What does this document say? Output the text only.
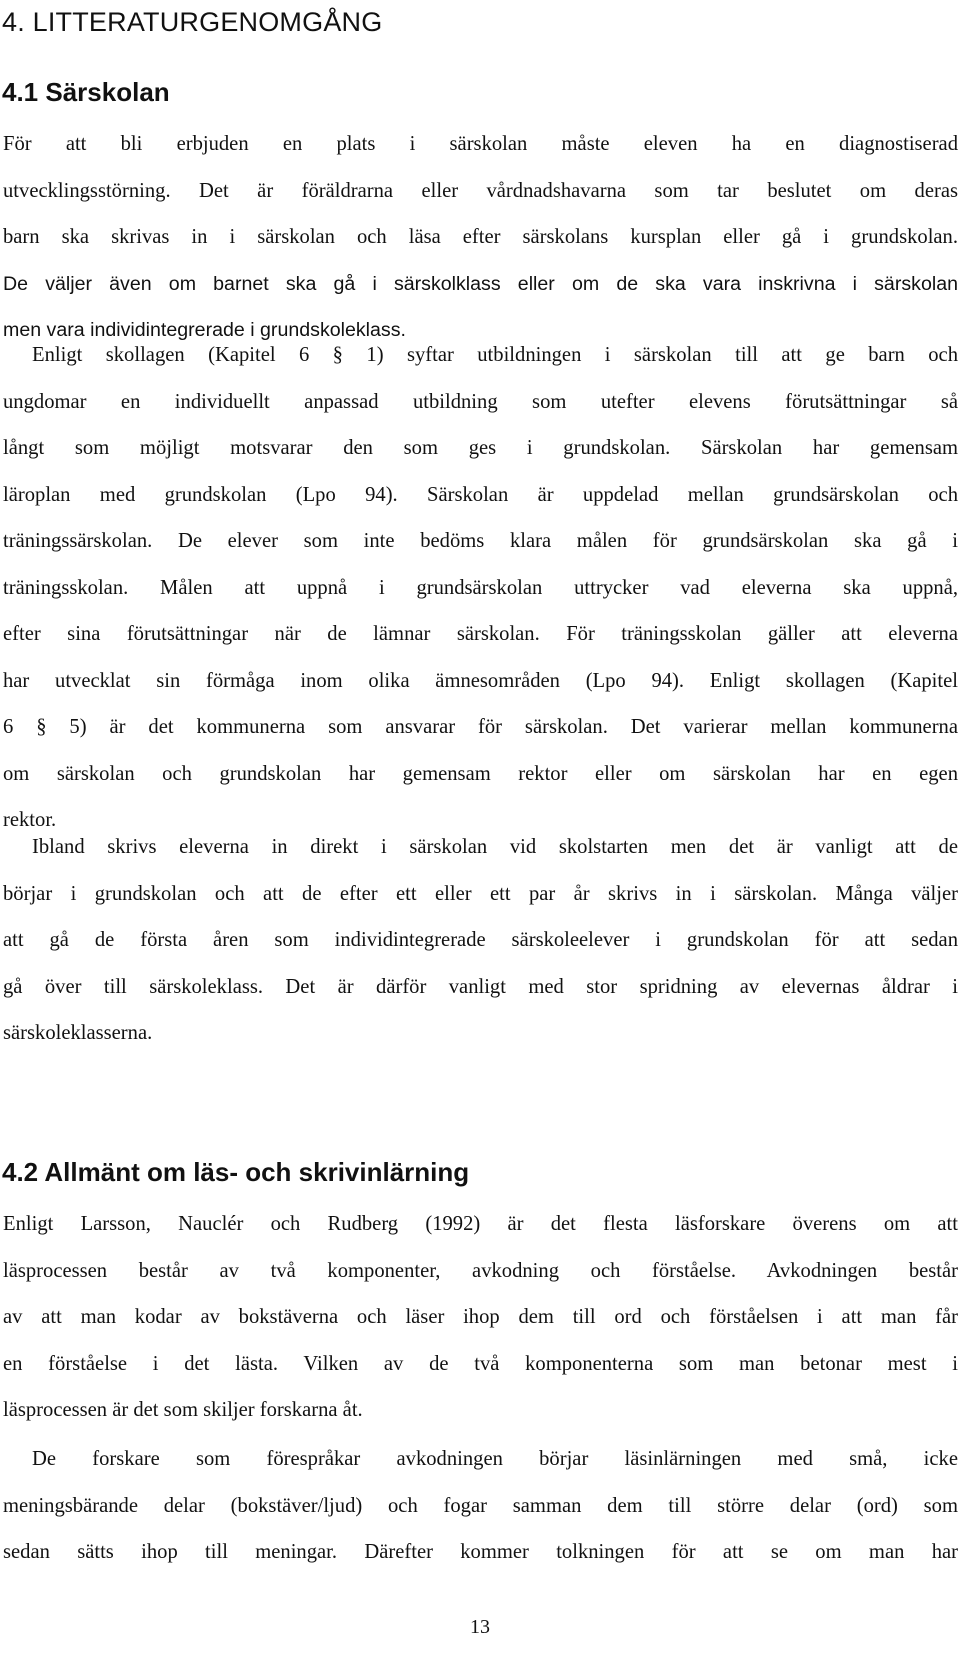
4. LITTERATURGENOMGÅNG
4.1 Särskolan
För att bli erbjuden en plats i särskolan måste eleven ha en diagnostiserad
utvecklingsstörning. Det är föräldrarna eller vårdnadshavarna som tar beslutet om deras
barn ska skrivas in i särskolan och läsa efter särskolans kursplan eller gå i grundskolan.
De väljer även om barnet ska gå i särskolklass eller om de ska vara inskrivna i särskolan
men vara individintegrerade i grundskoleklass.
Enligt skollagen (Kapitel 6 § 1) syftar utbildningen i särskolan till att ge barn och
ungdomar en individuellt anpassad utbildning som utefter elevens förutsättningar så
långt som möjligt motsvarar den som ges i grundskolan. Särskolan har gemensam
läroplan med grundskolan (Lpo 94). Särskolan är uppdelad mellan grundsärskolan och
träningssärskolan. De elever som inte bedöms klara målen för grundsärskolan ska gå i
träningsskolan. Målen att uppnå i grundsärskolan uttrycker vad eleverna ska uppnå,
efter sina förutsättningar när de lämnar särskolan. För träningsskolan gäller att eleverna
har utvecklat sin förmåga inom olika ämnesområden (Lpo 94). Enligt skollagen (Kapitel
6 § 5) är det kommunerna som ansvarar för särskolan. Det varierar mellan kommunerna
om särskolan och grundskolan har gemensam rektor eller om särskolan har en egen
rektor.
Ibland skrivs eleverna in direkt i särskolan vid skolstarten men det är vanligt att de
börjar i grundskolan och att de efter ett eller ett par år skrivs in i särskolan. Många väljer
att gå de första åren som individintegrerade särskoleelever i grundskolan för att sedan
gå över till särskoleklass. Det är därför vanligt med stor spridning av elevernas åldrar i
särskoleklasserna.
4.2 Allmänt om läs- och skrivinlärning
Enligt Larsson, Nauclér och Rudberg (1992) är det flesta läsforskare överens om att
läsprocessen består av två komponenter, avkodning och förståelse. Avkodningen består
av att man kodar av bokstäverna och läser ihop dem till ord och förståelsen i att man får
en förståelse i det lästa. Vilken av de två komponenterna som man betonar mest i
läsprocessen är det som skiljer forskarna åt.
De forskare som förespråkar avkodningen börjar läsinlärningen med små, icke
meningsbärande delar (bokstäver/ljud) och fogar samman dem till större delar (ord) som
sedan sätts ihop till meningar. Därefter kommer tolkningen för att se om man har
13
